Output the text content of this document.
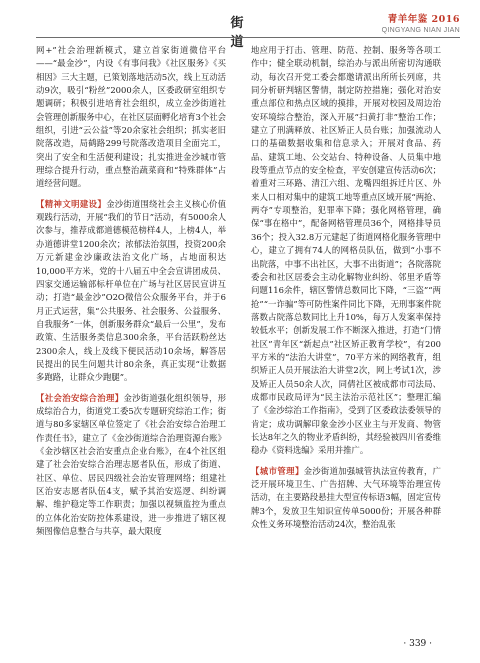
街　道
青羊年鉴 2016
QINGYANG NIAN JIAN

网+”社会治理新模式，建立首家街道微信平台——“最金沙”，内设《有事问我》《社区服务》《买相因》三大主题，已策划落地活动5次，线上互动活动9次，吸引“粉丝”2000余人，区委政研室组织专题调研；积极引进培育社会组织，成立金沙街道社会管理创新服务中心，在社区层面孵化培育3个社会组织，引进“云公益”等20余家社会组织；抓实老旧院落改造，局鹤路299号院落改造项目全面完工，突出了安全和生活便利建设；扎实推进金沙城市管理综合提升行动，重点整治蔬菜商和“特殊群体”占道经营问题。

【精神文明建设】金沙街道围绕社会主义核心价值观践行活动，开展“我们的节日”活动，有5000余人次参与，推荐成都道德模范榜样4人，上榜4人，举办道德讲堂1200余次；浓郁法治氛围，投资200余万元新建金沙廉政法治文化广场，占地面积达10,000平方米，党的十八届五中全会宣讲团成员、四家交通运输部标杆单位在广场与社区居民宣讲互动；打造“最金沙”O2O微信公众服务平台，并于6月正式运营，集“公共服务、社会服务、公益服务、自我服务”一体，创新服务群众“最后一公里”，发布政策、生活服务类信息300余条，平台活跃粉丝达2300余人，线上及线下便民活动10余场，解答居民提出的民生问题共计80余条，真正实现“让数据多跑路，让群众少跑腿”。

【社会治安综合治理】金沙街道强化组织领导，形成综治合力，街道党工委5次专题研究综治工作；街道与80多家辖区单位签定了《社会治安综合治理工作责任书》，建立了《金沙街道综合治理资源台账》《金沙辖区社会治安重点企业台账》，在4个社区组建了社会治安综合治理志愿者队伍，形成了街道、社区、单位、居民四级社会治安管理网络；组建社区治安志愿者队伍4支，赋予其治安巡逻、纠纷调解、维护稳定等工作职责；加强以视频监控为重点的立体化治安防控体系建设，进一步推进了辖区视频图像信息整合与共享，最大限度

地应用于打击、管理、防范、控制、服务等各项工作中；健全联动机制，综治办与派出所密切沟通联动，每次召开党工委会都邀请派出所所长列席，共同分析研判辖区警情，制定防控措施；强化对治安重点部位和热点区域的摸排，开展对校园及周边治安环境综合整治，深入开展“扫黄打非”整治工作；建立了刑满释放、社区矫正人员台账；加强流动人口的基础数据收集和信息录入；开展对食品、药品、建筑工地、公交站台、特种设备、人员集中地段等重点节点的安全检查，平安创建宣传活动6次；着重对三环路、清江六组、龙嘴四组拆迁片区、外来人口相对集中的建筑工地等重点区域开展“两抢、两夺”专项整治，犯罪率下降；强化网格管理，确保“事在格中”，配备网格管理员36个，网格排导员36个；投入32.8万元建起了街道网格化服务管理中心，建立了拥有74人的网格员队伍，做到“小事不出院落，中事不出社区，大事不出街道”；各院落院委会和社区居委会主动化解物业纠纷、邻里矛盾等问题116余件，辖区警情总数同比下降，“三盗”“两抢”“一诈骗”等可防性案件同比下降，无刑事案件院落数占院落总数同比上升10%，每万人发案率保持较低水平；创新发展工作不断深入推进，打造“门情社区”青年区“新起点”社区矫正教育学校”，有200平方米的“法治大讲堂”，70平方米的网络教育，组织矫正人员开展法治大讲堂2次，网上考试1次，涉及矫正人员50余人次，同倩社区被成都市司法局、成都市民政局评为“民主法治示范社区”；整理汇编了《金沙综治工作指南》，受到了区委政法委领导的肯定；成功调解印象金沙小区业主与开发商、物管长达8年之久的物业矛盾纠纷，其经验被四川省委维稳办《资料选编》采用并推广。

【城市管理】金沙街道加强城管执法宣传教育，广泛开展环境卫生、广告招牌、大气环境等治理宣传活动，在主要路段悬挂大型宣传标语3幅，固定宣传牌3个，发放卫生知识宣传单5000份；开展各种群众性义务环境整治活动24次，整治乱张

· 339 ·
